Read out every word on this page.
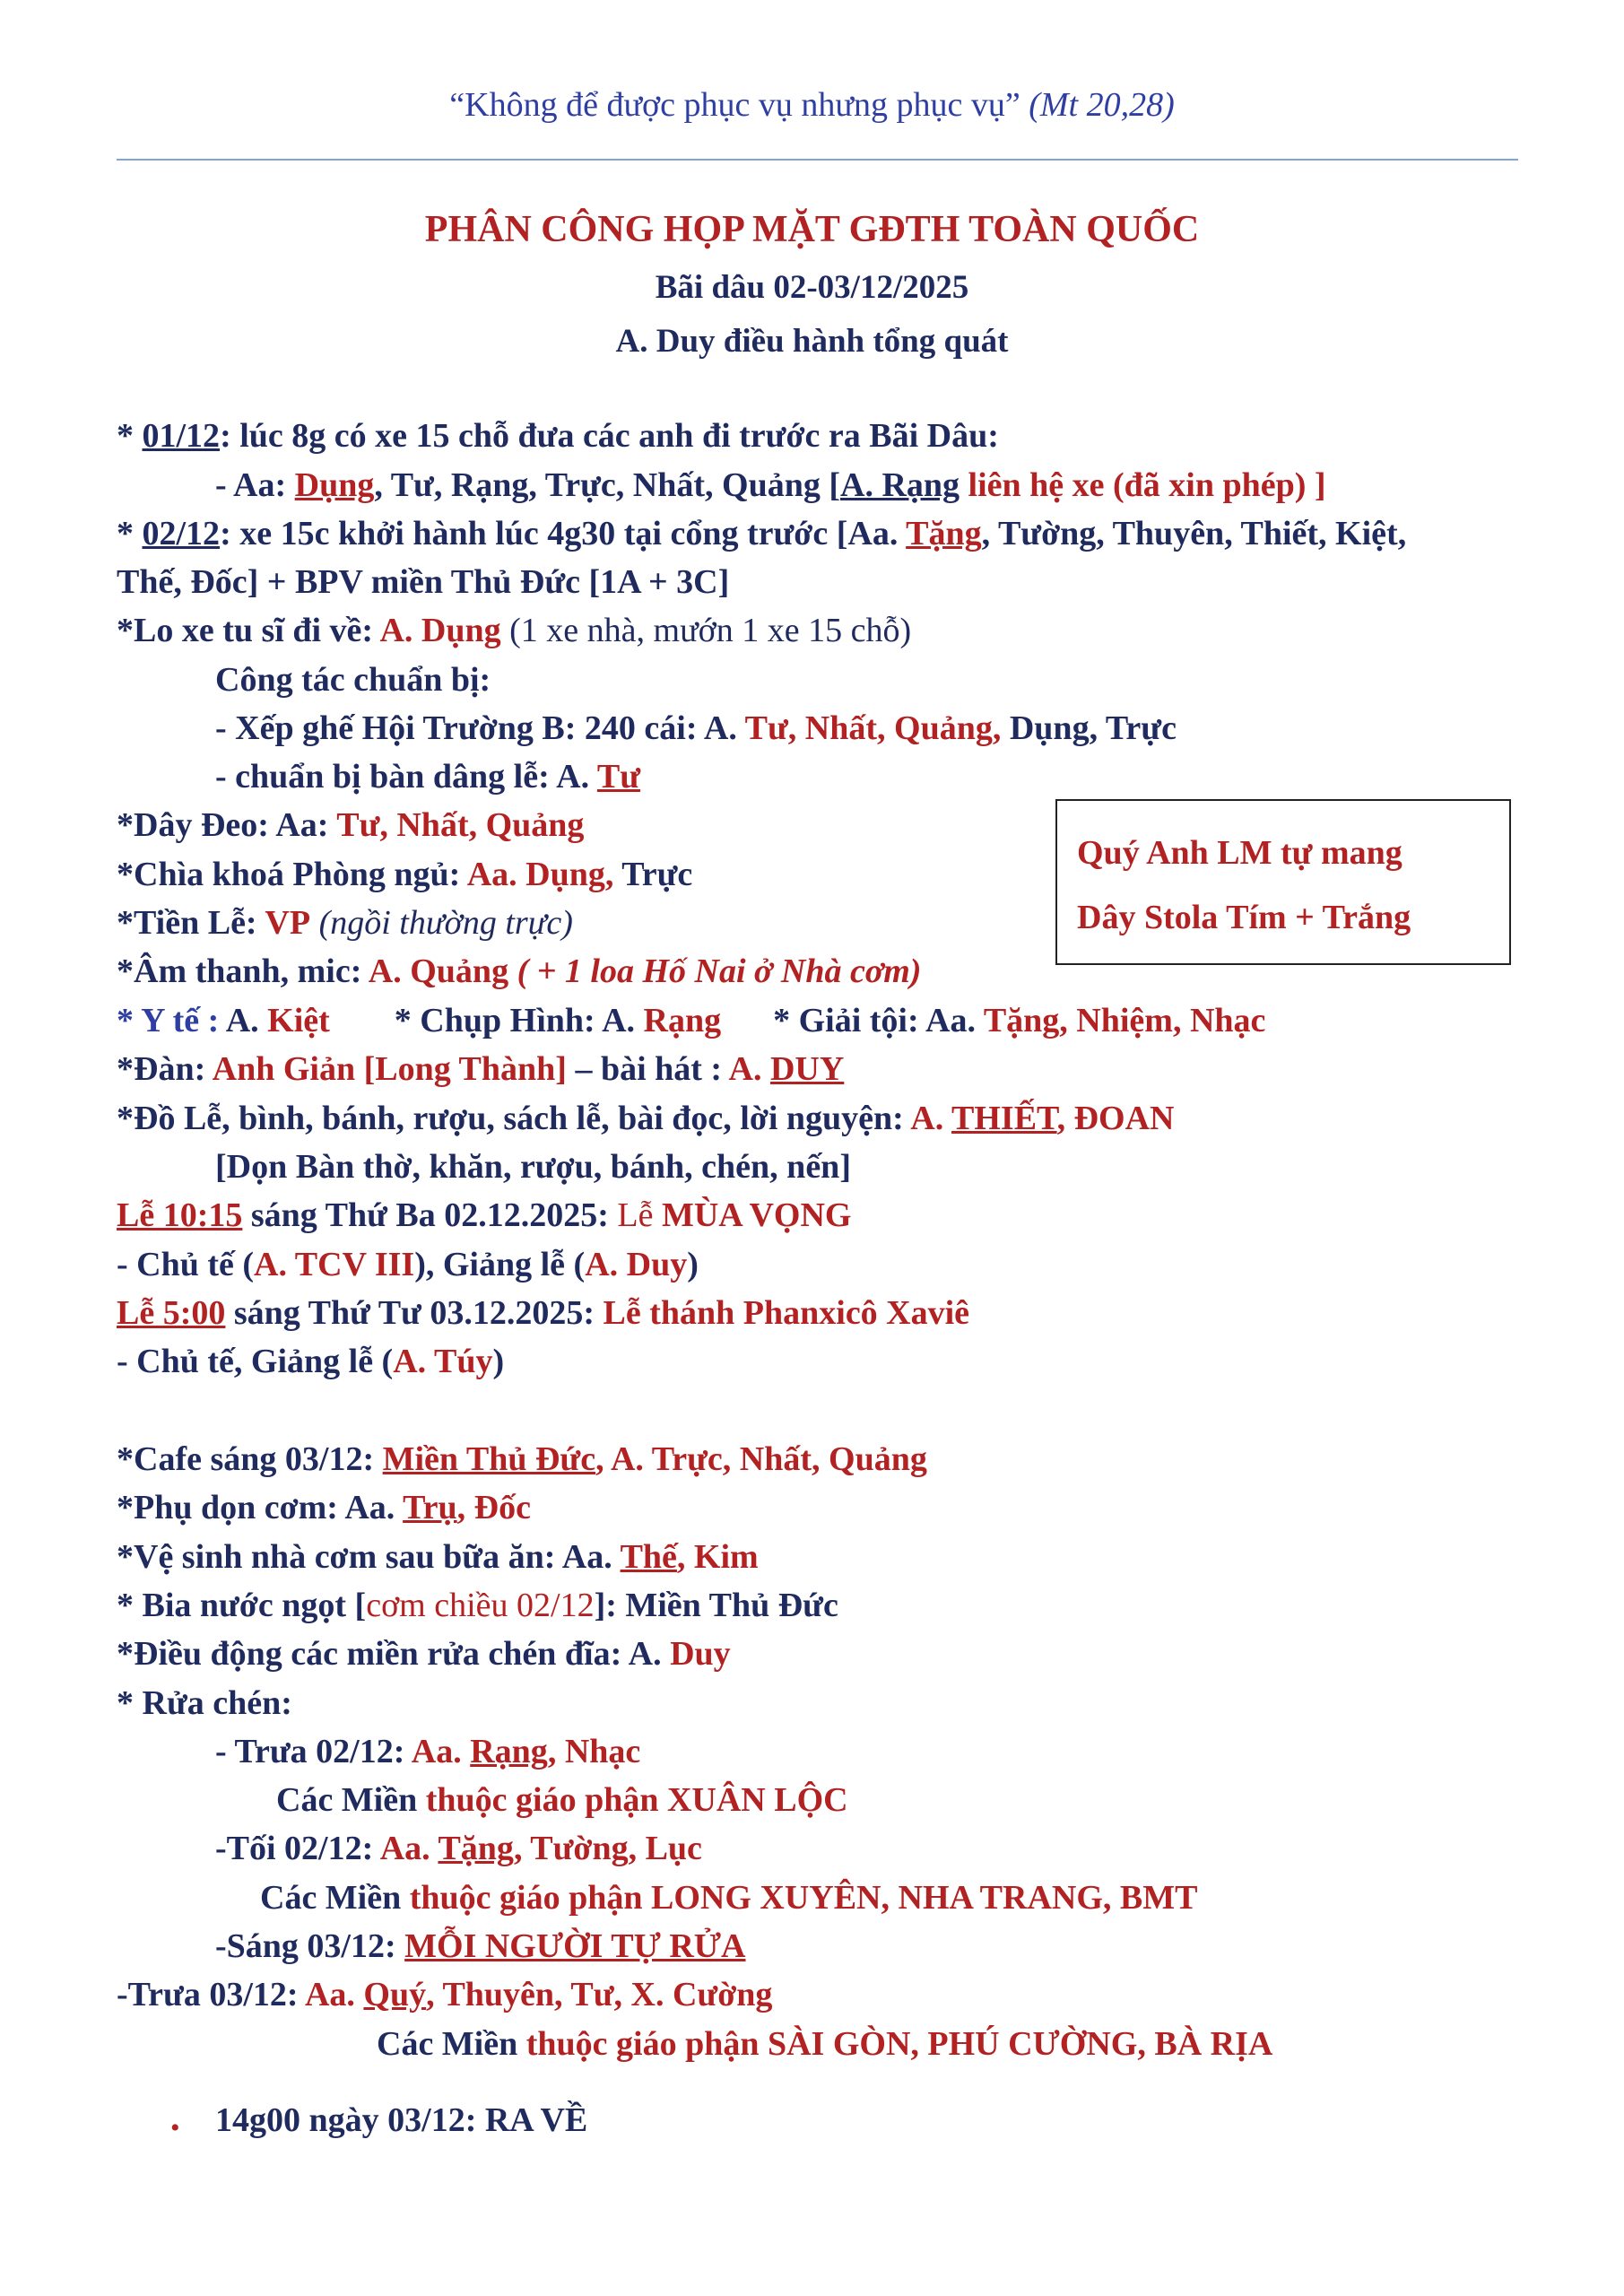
“Không để được phục vụ nhưng phục vụ” (Mt 20,28)
PHÂN CÔNG HỌP MẶT GĐTH TOÀN QUỐC
Bãi dâu 02-03/12/2025
A. Duy điều hành tổng quát
* 01/12: lúc 8g có xe 15 chỗ đưa các anh đi trước ra Bãi Dâu:
- Aa: Dụng, Tư, Rạng, Trực, Nhất, Quảng [A. Rạng liên hệ xe (đã xin phép) ]
* 02/12: xe 15c khởi hành lúc 4g30 tại cổng trước [Aa. Tặng, Tường, Thuyên, Thiết, Kiệt,
Thế, Đốc] + BPV miền Thủ Đức [1A + 3C]
*Lo xe tu sĩ đi về: A. Dụng (1 xe nhà, mướn 1 xe 15 chỗ)
Công tác chuẩn bị:
- Xếp ghế Hội Trường B: 240 cái: A. Tư, Nhất, Quảng, Dụng, Trực
- chuẩn bị bàn dâng lễ: A. Tư
*Dây Đeo: Aa: Tư, Nhất, Quảng
*Chìa khoá Phòng ngủ: Aa. Dụng, Trực
*Tiền Lễ: VP (ngồi thường trực)
*Âm thanh, mic: A. Quảng ( + 1 loa Hố Nai ở Nhà cơm)
* Y tế : A. Kiệt * Chụp Hình: A. Rạng * Giải tội: Aa. Tặng, Nhiệm, Nhạc
*Đàn: Anh Giản [Long Thành] – bài hát : A. DUY
*Đồ Lễ, bình, bánh, rượu, sách lễ, bài đọc, lời nguyện: A. THIẾT, ĐOAN
[Dọn Bàn thờ, khăn, rượu, bánh, chén, nến]
Lễ 10:15 sáng Thứ Ba 02.12.2025: Lễ MÙA VỌNG
- Chủ tế (A. TCV III), Giảng lễ (A. Duy)
Lễ 5:00 sáng Thứ Tư 03.12.2025: Lễ thánh Phanxicô Xaviê
- Chủ tế, Giảng lễ (A. Túy)
*Cafe sáng 03/12: Miền Thủ Đức, A. Trực, Nhất, Quảng
*Phụ dọn cơm: Aa. Trụ, Đốc
*Vệ sinh nhà cơm sau bữa ăn: Aa. Thế, Kim
* Bia nước ngọt [cơm chiều 02/12]: Miền Thủ Đức
*Điều động các miền rửa chén đĩa: A. Duy
* Rửa chén:
- Trưa 02/12: Aa. Rạng, Nhạc
Các Miền thuộc giáo phận XUÂN LỘC
-Tối 02/12: Aa. Tặng, Tường, Lục
Các Miền thuộc giáo phận LONG XUYÊN, NHA TRANG, BMT
-Sáng 03/12: MỖI NGƯỜI TỰ RỬA
-Trưa 03/12: Aa. Quý, Thuyên, Tư, X. Cường
Các Miền thuộc giáo phận SÀI GÒN, PHÚ CƯỜNG, BÀ RỊA
• 14g00 ngày 03/12: RA VỀ
Quý Anh LM tự mang
Dây Stola Tím + Trắng
